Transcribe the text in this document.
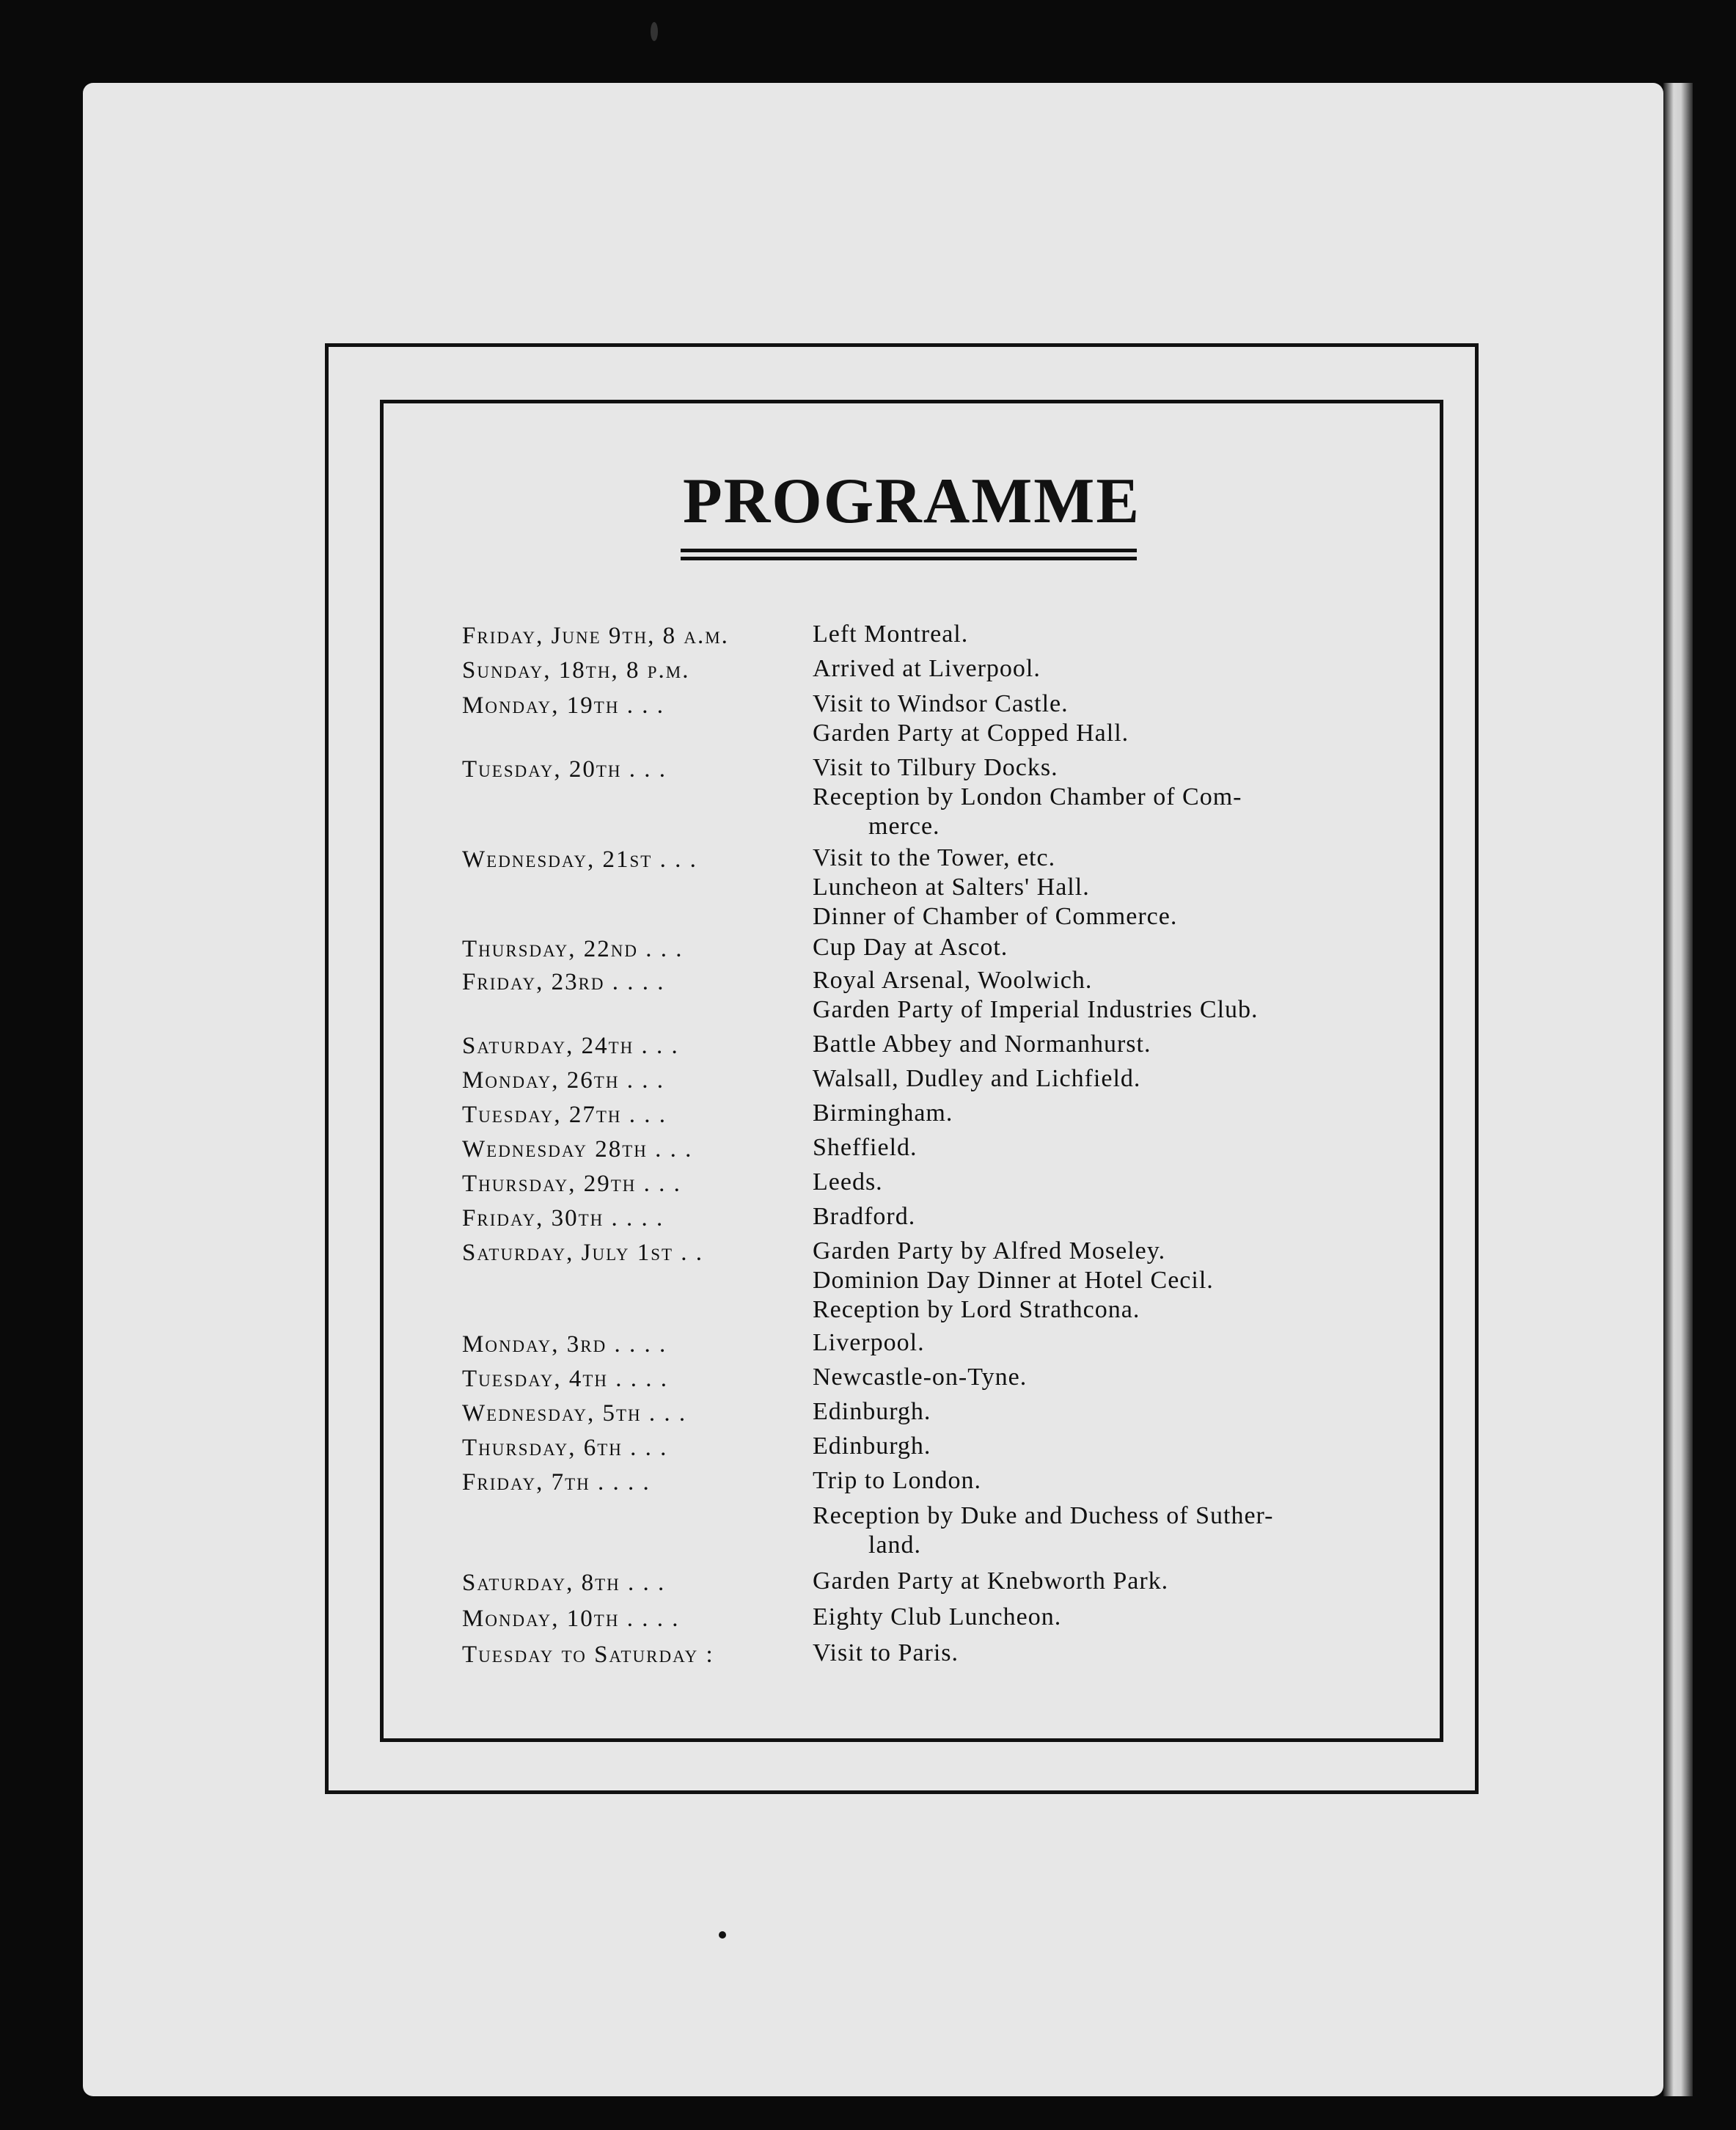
PROGRAMME
Friday, June 9th, 8 a.m.	Left Montreal.
Sunday, 18th, 8 p.m.	Arrived at Liverpool.
Monday, 19th . . .	Visit to Windsor Castle.
Garden Party at Copped Hall.
Tuesday, 20th . . .	Visit to Tilbury Docks.
Reception by London Chamber of Com-
merce.
Wednesday, 21st . . .	Visit to the Tower, etc.
Luncheon at Salters' Hall.
Dinner of Chamber of Commerce.
Thursday, 22nd . . .	Cup Day at Ascot.
Friday, 23rd . . . .	Royal Arsenal, Woolwich.
Garden Party of Imperial Industries Club.
Saturday, 24th . . .	Battle Abbey and Normanhurst.
Monday, 26th . . .	Walsall, Dudley and Lichfield.
Tuesday, 27th . . .	Birmingham.
Wednesday 28th . . .	Sheffield.
Thursday, 29th . . .	Leeds.
Friday, 30th . . . .	Bradford.
Saturday, July 1st . .	Garden Party by Alfred Moseley.
Dominion Day Dinner at Hotel Cecil.
Reception by Lord Strathcona.
Monday, 3rd . . . .	Liverpool.
Tuesday, 4th . . . .	Newcastle-on-Tyne.
Wednesday, 5th . . .	Edinburgh.
Thursday, 6th . . .	Edinburgh.
Friday, 7th . . . .	Trip to London.
Reception by Duke and Duchess of Suther-
land.
Saturday, 8th . . .	Garden Party at Knebworth Park.
Monday, 10th . . . .	Eighty Club Luncheon.
Tuesday to Saturday :	Visit to Paris.
